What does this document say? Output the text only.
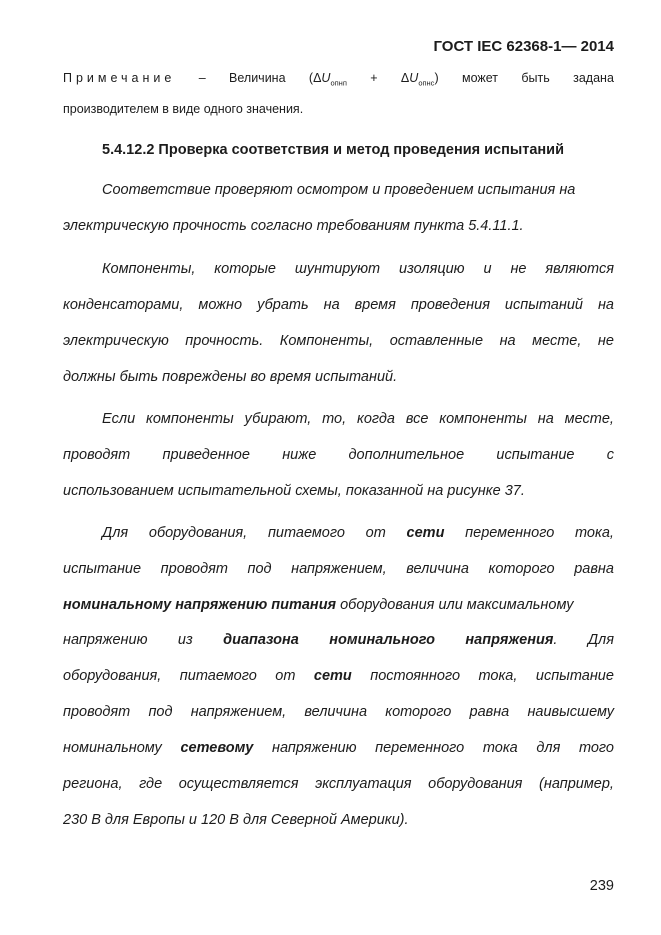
ГОСТ IEC 62368-1— 2014
Примечание – Величина $(\Delta U_{опнп} + \Delta U_{опнс})$ может быть задана
производителем в виде одного значения.
5.4.12.2 Проверка соответствия и метод проведения испытаний
Соответствие проверяют осмотром и проведением испытания на
электрическую прочность согласно требованиям пункта 5.4.11.1.
Компоненты, которые шунтируют изоляцию и не являются
конденсаторами, можно убрать на время проведения испытаний на
электрическую прочность. Компоненты, оставленные на месте, не
должны быть повреждены во время испытаний.
Если компоненты убирают, то, когда все компоненты на месте,
проводят приведенное ниже дополнительное испытание с
использованием испытательной схемы, показанной на рисунке 37.
Для оборудования, питаемого от сети переменного тока,
испытание проводят под напряжением, величина которого равна
номинальному напряжению питания оборудования или максимальному
напряжению из диапазона номинального напряжения. Для
оборудования, питаемого от сети постоянного тока, испытание
проводят под напряжением, величина которого равна наивысшему
номинальному сетевому напряжению переменного тока для того
региона, где осуществляется эксплуатация оборудования (например,
230 В для Европы и 120 В для Северной Америки).
239
